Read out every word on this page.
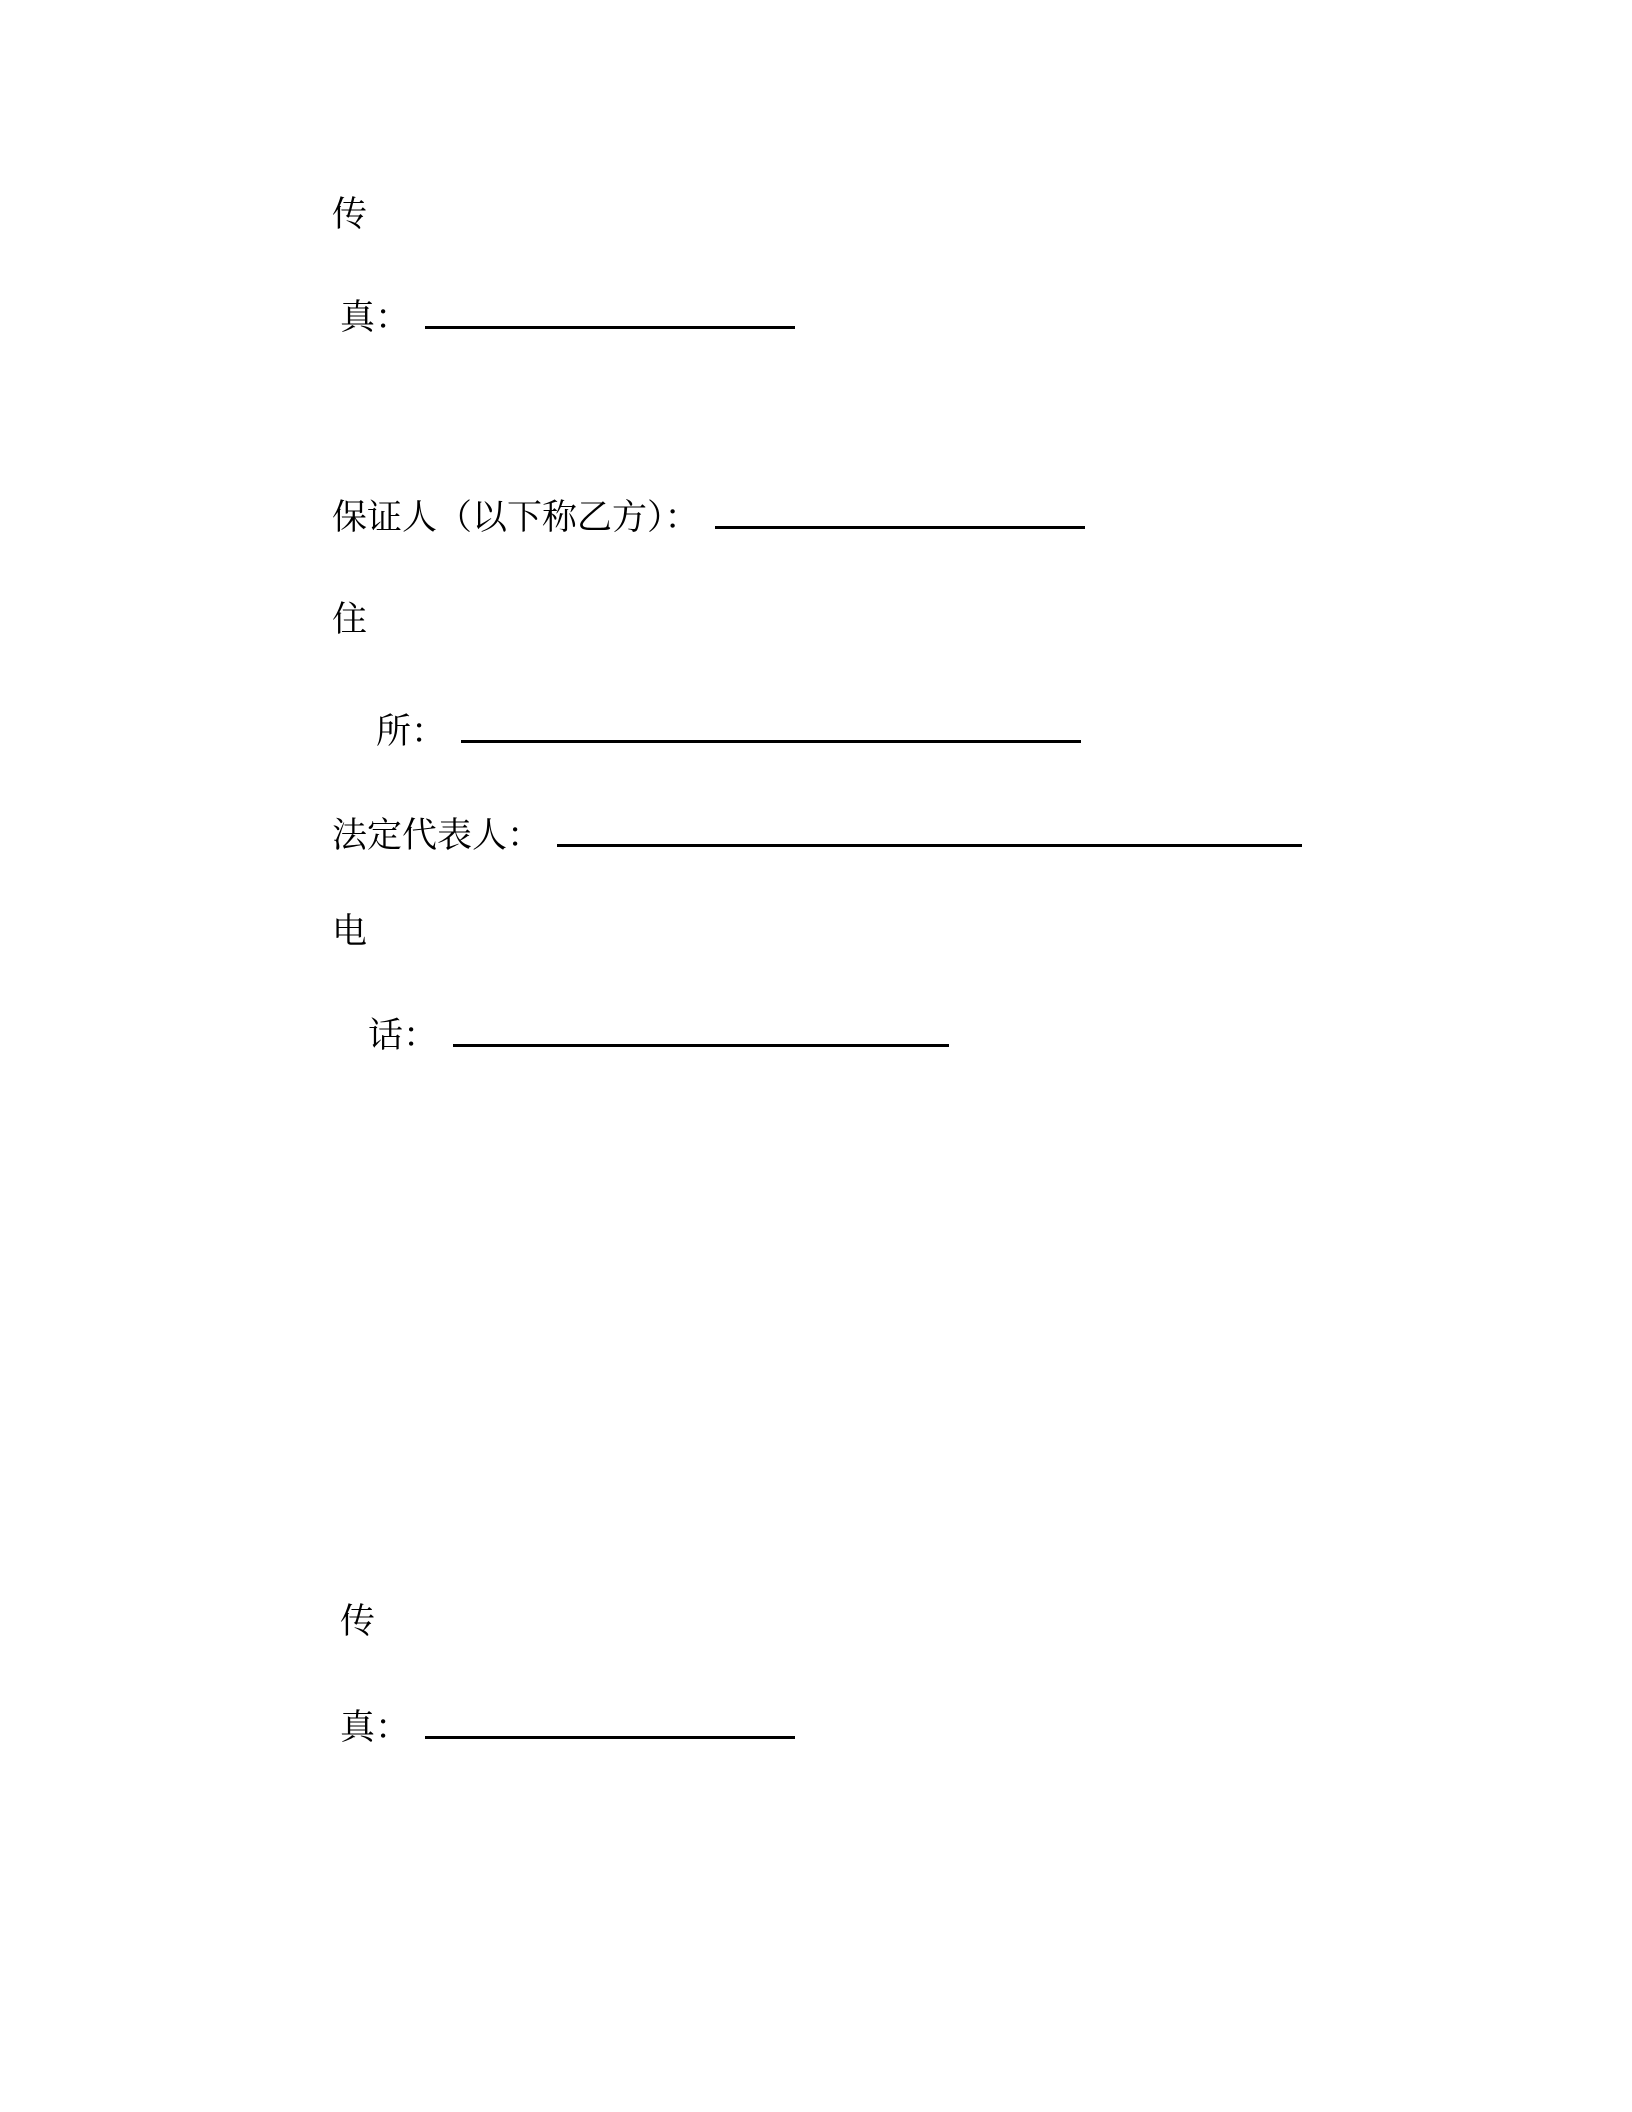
传
真：
保证人（以下称乙方）：
住
所：
法定代表人：
电
话：
传
真：
